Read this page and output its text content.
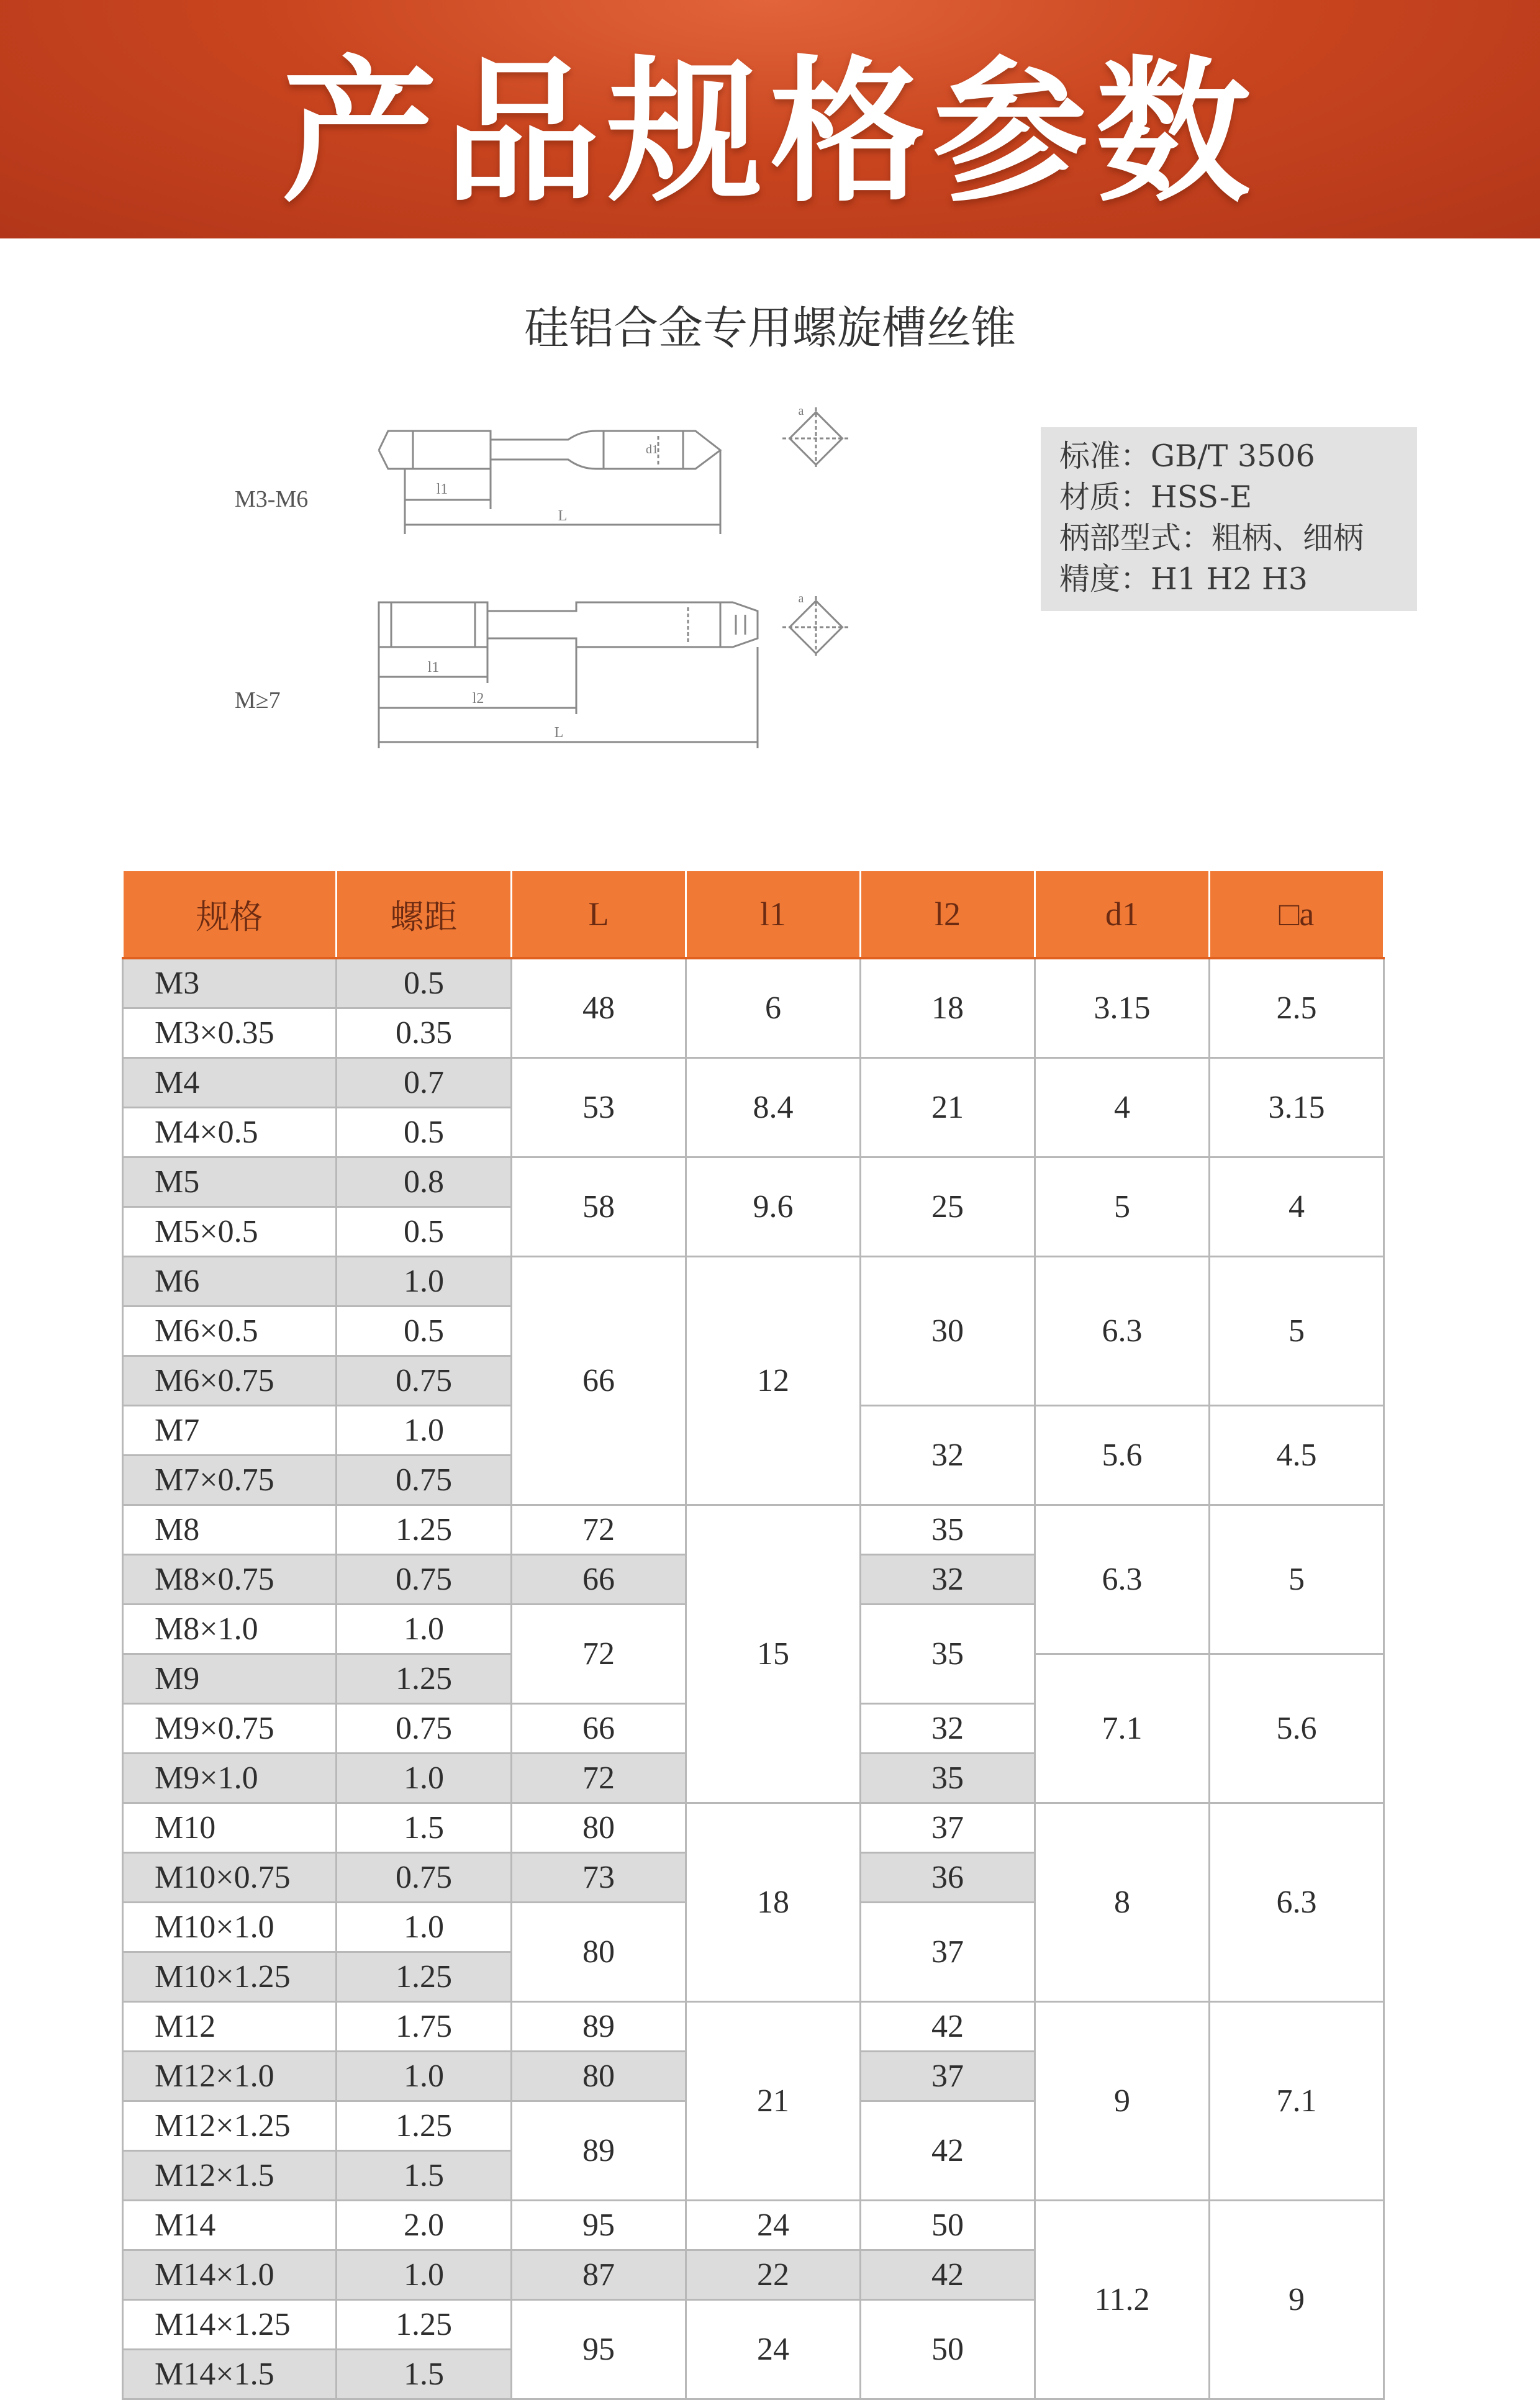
产品规格参数
硅铝合金专用螺旋槽丝锥
M3-M6
M≥7
l1
L
d1
a
l1
l2
L
a
标准：GB/T 3506
材质：HSS-E
柄部型式：粗柄、细柄
精度：H1 H2 H3
规格	螺距	L	l1	l2	d1	□a
M3	0.5	48	6	18	3.15	2.5
M3×0.35	0.35					
M4	0.7	53	8.4	21	4	3.15
M4×0.5	0.5					
M5	0.8	58	9.6	25	5	4
M5×0.5	0.5					
M6	1.0	66	12	30	6.3	5
M6×0.5	0.5					
M6×0.75	0.75					
M7	1.0			32	5.6	4.5
M7×0.75	0.75					
M8	1.25	72	15	35	6.3	5
M8×0.75	0.75	66		32		
M8×1.0	1.0	72		35		
M9	1.25				7.1	5.6
M9×0.75	0.75	66		32		
M9×1.0	1.0	72		35		
M10	1.5	80	18	37	8	6.3
M10×0.75	0.75	73		36		
M10×1.0	1.0	80		37		
M10×1.25	1.25					
M12	1.75	89	21	42	9	7.1
M12×1.0	1.0	80		37		
M12×1.25	1.25	89		42		
M12×1.5	1.5					
M14	2.0	95	24	50	11.2	9
M14×1.0	1.0	87	22	42		
M14×1.25	1.25	95	24	50		
M14×1.5	1.5					
